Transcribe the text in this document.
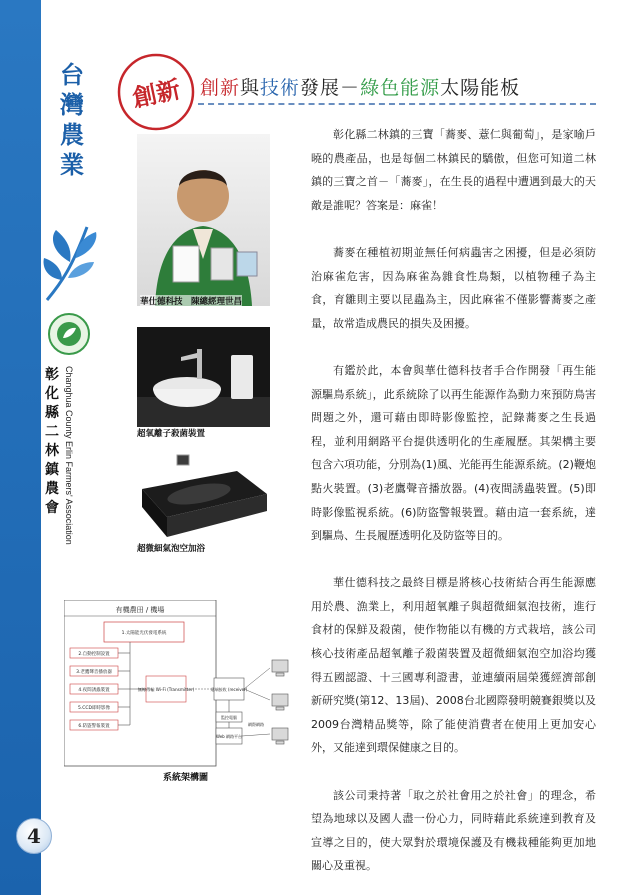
台
灣
農
業
彰
化
縣
二
林
鎮
農
會 Changhua County Erlin Farmers' Association
4
創新 創新與技術發展－綠色能源太陽能板
華仕德科技　陳總經理世昌
超氧離子殺菌裝置
超微細氣泡空加浴

彰化縣二林鎮的三寶「蕎麥、薏仁與葡萄」，是家喻戶曉的農產品，也是每個二林鎮民的驕傲，但您可知道二林鎮的三寶之首－「蕎麥」，在生長的過程中遭遇到最大的天敵是誰呢？答案是：麻雀！

蕎麥在種植初期並無任何病蟲害之困擾，但是必須防治麻雀危害，因為麻雀為雜食性鳥類，以植物種子為主食，育雛則主要以昆蟲為主，因此麻雀不僅影響蕎麥之產量，故常造成農民的損失及困擾。

有鑑於此，本會與華仕德科技者手合作開發「再生能源驅鳥系統」，此系統除了以再生能源作為動力來預防鳥害問題之外，還可藉由即時影像監控，記錄蕎麥之生長過程，並利用網路平台提供透明化的生產履歷。其架構主要包含六項功能，分別為(1)風、光能再生能源系統。(2)鞭炮點火裝置。(3)老鷹聲音播放器。(4)夜間誘蟲裝置。(5)即時影像監視系統。(6)防盜警報裝置。藉由這一套系統，達到驅鳥、生長履歷透明化及防盜等目的。

華仕德科技之最終目標是將核心技術結合再生能源應用於農、漁業上，利用超氧離子與超微細氣泡技術，進行食材的保鮮及殺菌，使作物能以有機的方式栽培，該公司核心技術產品超氧離子殺菌裝置及超微細氣泡空加浴均獲得五國認證、十三國專利證書，並連續兩屆榮獲經濟部創新研究獎(第12、13屆)、2008台北國際發明競賽銀獎以及2009台灣精品獎等，除了能使消費者在使用上更加安心外，又能達到環保健康之目的。

該公司秉持著「取之於社會用之於社會」的理念，希望為地球以及國人盡一份心力，同時藉此系統達到教育及宣導之目的，使大眾對於環境保護及有機栽種能夠更加地關心及重視。

有機農田 / 機場
1.太陽能光伏發電系統
2.自動控制設置
3.老鷹聲音播放器
4.夜間誘蟲裝置
5.CCD即時影像
6.防盜警報裝置
無線傳輸 Wi-Fi (Transmitter)	遠端接收 (receiver)
監控電腦
Web 網路平台
網際網路
系統架構圖
